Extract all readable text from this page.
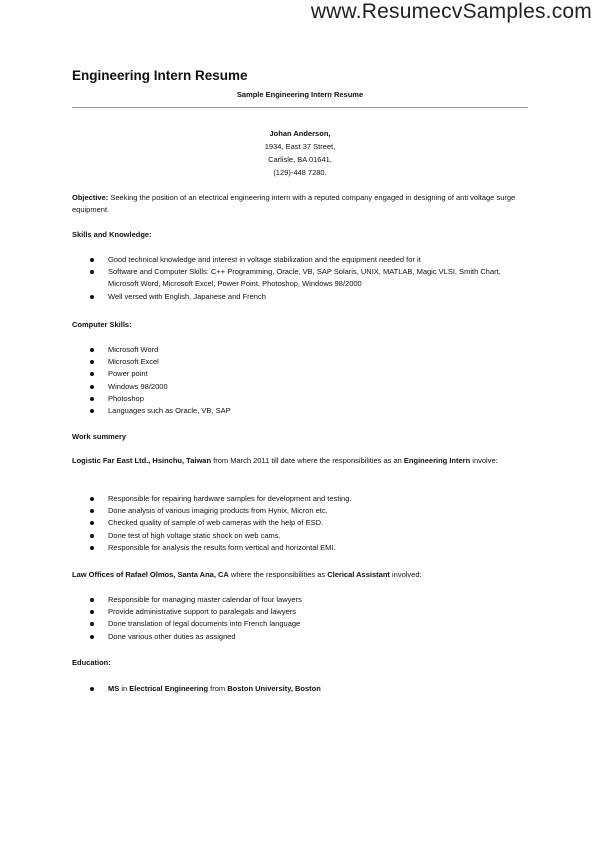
www.ResumecvSamples.com
Engineering Intern Resume
Sample Engineering Intern Resume
Johan Anderson,
1934, East 37 Street,
Carlisle, BA 01641,
(129)-448 7280.
Objective: Seeking the position of an electrical engineering intern with a reputed company engaged in designing of anti voltage surge equipment.
Skills and Knowledge:
Good technical knowledge and interest in voltage stabilization and the equipment needed for it
Software and Computer Skills: C++ Programming, Oracle, VB, SAP Solaris, UNIX, MATLAB, Magic VLSI, Smith Chart,
Microsoft Word, Microsoft Excel, Power Point, Photoshop, Windows 98/2000
Well versed with English, Japanese and French
Computer Skills:
Microsoft Word
Microsoft Excel
Power point
Windows 98/2000
Photoshop
Languages such as Oracle, VB, SAP
Work summery
Logistic Far East Ltd., Hsinchu, Taiwan from March 2011 till date where the responsibilities as an Engineering Intern involve:
Responsible for repairing hardware samples for development and testing.
Done analysis of various imaging products from Hynix, Micron etc.
Checked quality of sample of web cameras with the help of ESD.
Done test of high voltage static shock on web cams.
Responsible for analysis the results form vertical and horizontal EMI.
Law Offices of Rafael Olmos, Santa Ana, CA where the responsibilities as Clerical Assistant involved:
Responsible for managing master calendar of four lawyers
Provide administrative support to paralegals and lawyers
Done translation of legal documents into French language
Done various other duties as assigned
Education:
MS in Electrical Engineering from Boston University, Boston
